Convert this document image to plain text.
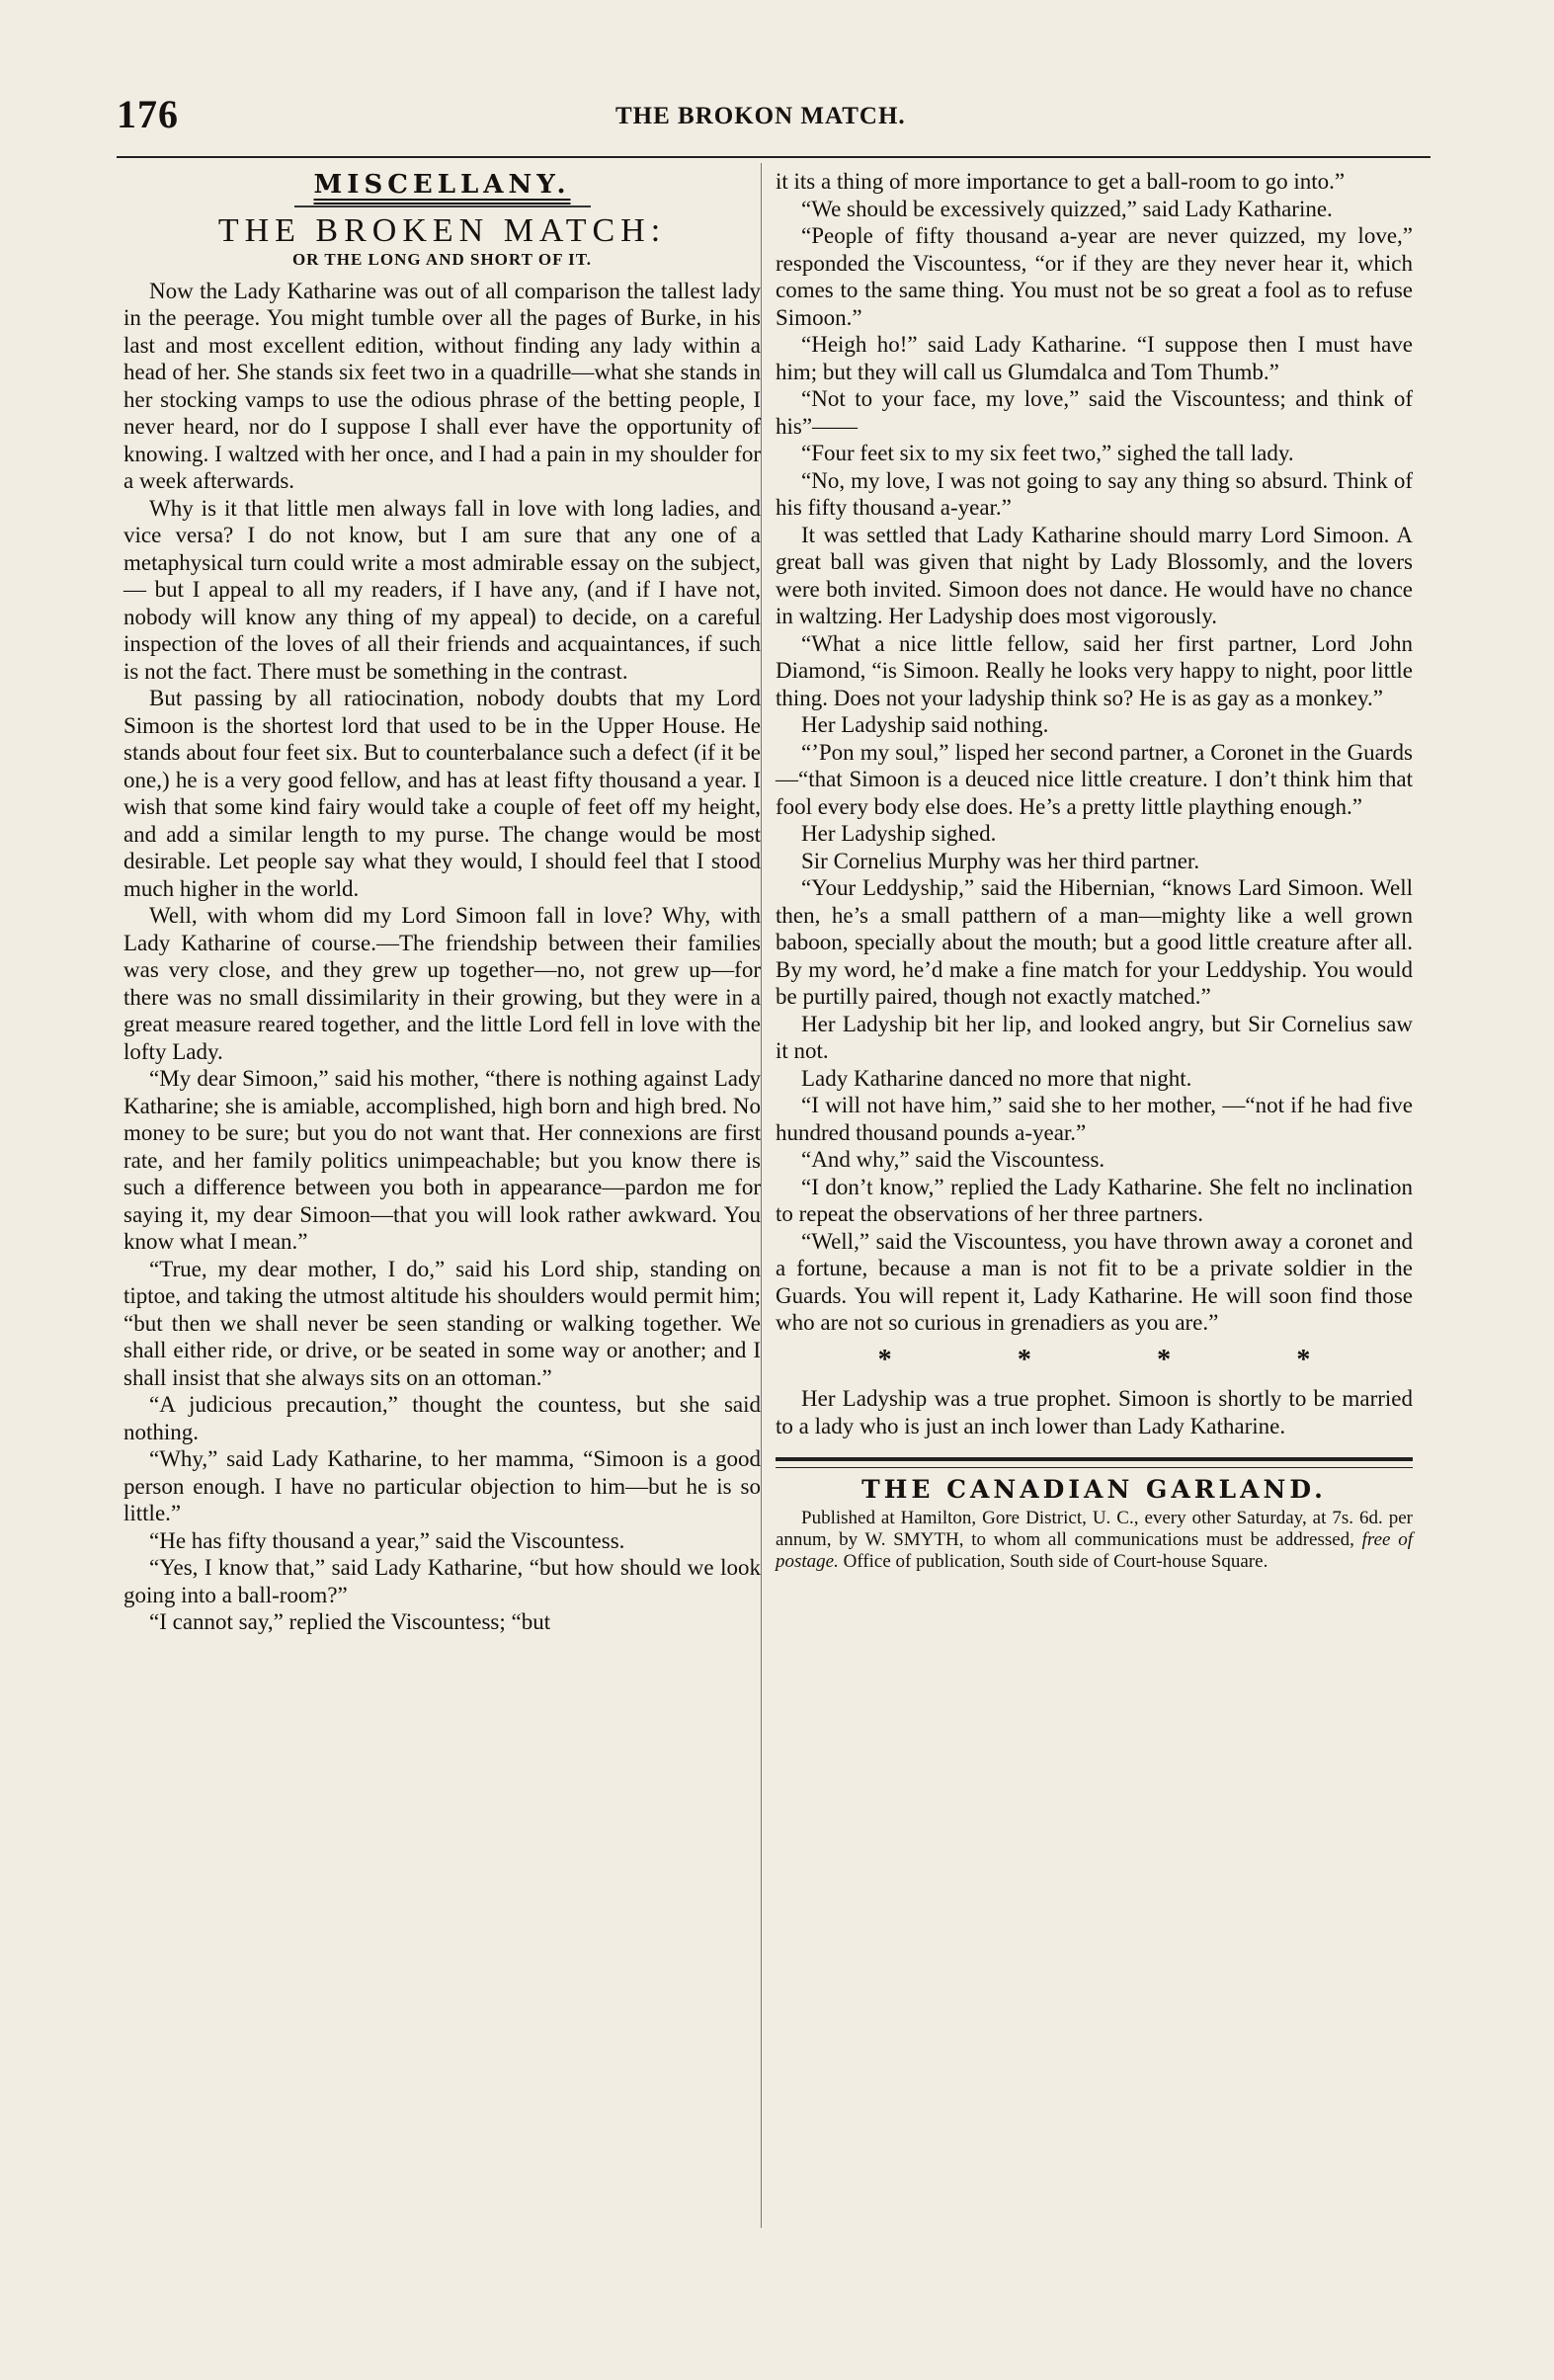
176	THE BROKON MATCH.
MISCELLANY.
THE BROKEN MATCH:
OR THE LONG AND SHORT OF IT.

Now the Lady Katharine was out of all comparison the tallest lady in the peerage. You might tumble over all the pages of Burke, in his last and most excellent edition, without finding any lady within a head of her. She stands six feet two in a quadrille—what she stands in her stocking vamps to use the odious phrase of the betting people, I never heard, nor do I suppose I shall ever have the opportunity of knowing. I waltzed with her once, and I had a pain in my shoulder for a week afterwards.

Why is it that little men always fall in love with long ladies, and vice versa? I do not know, but I am sure that any one of a metaphysical turn could write a most admirable essay on the subject,— but I appeal to all my readers, if I have any, (and if I have not, nobody will know any thing of my appeal) to decide, on a careful inspection of the loves of all their friends and acquaintances, if such is not the fact. There must be something in the contrast.

But passing by all ratiocination, nobody doubts that my Lord Simoon is the shortest lord that used to be in the Upper House. He stands about four feet six. But to counterbalance such a defect (if it be one,) he is a very good fellow, and has at least fifty thousand a year. I wish that some kind fairy would take a couple of feet off my height, and add a similar length to my purse. The change would be most desirable. Let people say what they would, I should feel that I stood much higher in the world.

Well, with whom did my Lord Simoon fall in love? Why, with Lady Katharine of course.—The friendship between their families was very close, and they grew up together—no, not grew up—for there was no small dissimilarity in their growing, but they were in a great measure reared together, and the little Lord fell in love with the lofty Lady.

“My dear Simoon,” said his mother, “there is nothing against Lady Katharine; she is amiable, accomplished, high born and high bred. No money to be sure; but you do not want that. Her connexions are first rate, and her family politics unimpeachable; but you know there is such a difference between you both in appearance—pardon me for saying it, my dear Simoon—that you will look rather awkward. You know what I mean.”

“True, my dear mother, I do,” said his Lord ship, standing on tiptoe, and taking the utmost altitude his shoulders would permit him; “but then we shall never be seen standing or walking together. We shall either ride, or drive, or be seated in some way or another; and I shall insist that she always sits on an ottoman.”

“A judicious precaution,” thought the countess, but she said nothing.

“Why,” said Lady Katharine, to her mamma, “Simoon is a good person enough. I have no particular objection to him—but he is so little.”

“He has fifty thousand a year,” said the Viscountess.

“Yes, I know that,” said Lady Katharine, “but how should we look going into a ball-room?”

“I cannot say,” replied the Viscountess; “but

it its a thing of more importance to get a ball-room to go into.”

“We should be excessively quizzed,” said Lady Katharine.

“People of fifty thousand a-year are never quizzed, my love,” responded the Viscountess, “or if they are they never hear it, which comes to the same thing. You must not be so great a fool as to refuse Simoon.”

“Heigh ho!” said Lady Katharine. “I suppose then I must have him; but they will call us Glumdalca and Tom Thumb.”

“Not to your face, my love,” said the Viscountess; and think of his”——

“Four feet six to my six feet two,” sighed the tall lady.

“No, my love, I was not going to say any thing so absurd. Think of his fifty thousand a-year.”

It was settled that Lady Katharine should marry Lord Simoon. A great ball was given that night by Lady Blossomly, and the lovers were both invited. Simoon does not dance. He would have no chance in waltzing. Her Ladyship does most vigorously.

“What a nice little fellow, said her first partner, Lord John Diamond, “is Simoon. Really he looks very happy to night, poor little thing. Does not your ladyship think so? He is as gay as a monkey.”

Her Ladyship said nothing.

“’Pon my soul,” lisped her second partner, a Coronet in the Guards—“that Simoon is a deuced nice little creature. I don’t think him that fool every body else does. He’s a pretty little plaything enough.”

Her Ladyship sighed.

Sir Cornelius Murphy was her third partner.

“Your Leddyship,” said the Hibernian, “knows Lard Simoon. Well then, he’s a small patthern of a man—mighty like a well grown baboon, specially about the mouth; but a good little creature after all. By my word, he’d make a fine match for your Leddyship. You would be purtilly paired, though not exactly matched.”

Her Ladyship bit her lip, and looked angry, but Sir Cornelius saw it not.

Lady Katharine danced no more that night.

“I will not have him,” said she to her mother, —“not if he had five hundred thousand pounds a-year.”

“And why,” said the Viscountess.

“I don’t know,” replied the Lady Katharine. She felt no inclination to repeat the observations of her three partners.

“Well,” said the Viscountess, you have thrown away a coronet and a fortune, because a man is not fit to be a private soldier in the Guards. You will repent it, Lady Katharine. He will soon find those who are not so curious in grenadiers as you are.”

*	*	*	*

Her Ladyship was a true prophet. Simoon is shortly to be married to a lady who is just an inch lower than Lady Katharine.

THE CANADIAN GARLAND.

Published at Hamilton, Gore District, U. C., every other Saturday, at 7s. 6d. per annum, by W. SMYTH, to whom all communications must be addressed, free of postage. Office of publication, South side of Court-house Square.
